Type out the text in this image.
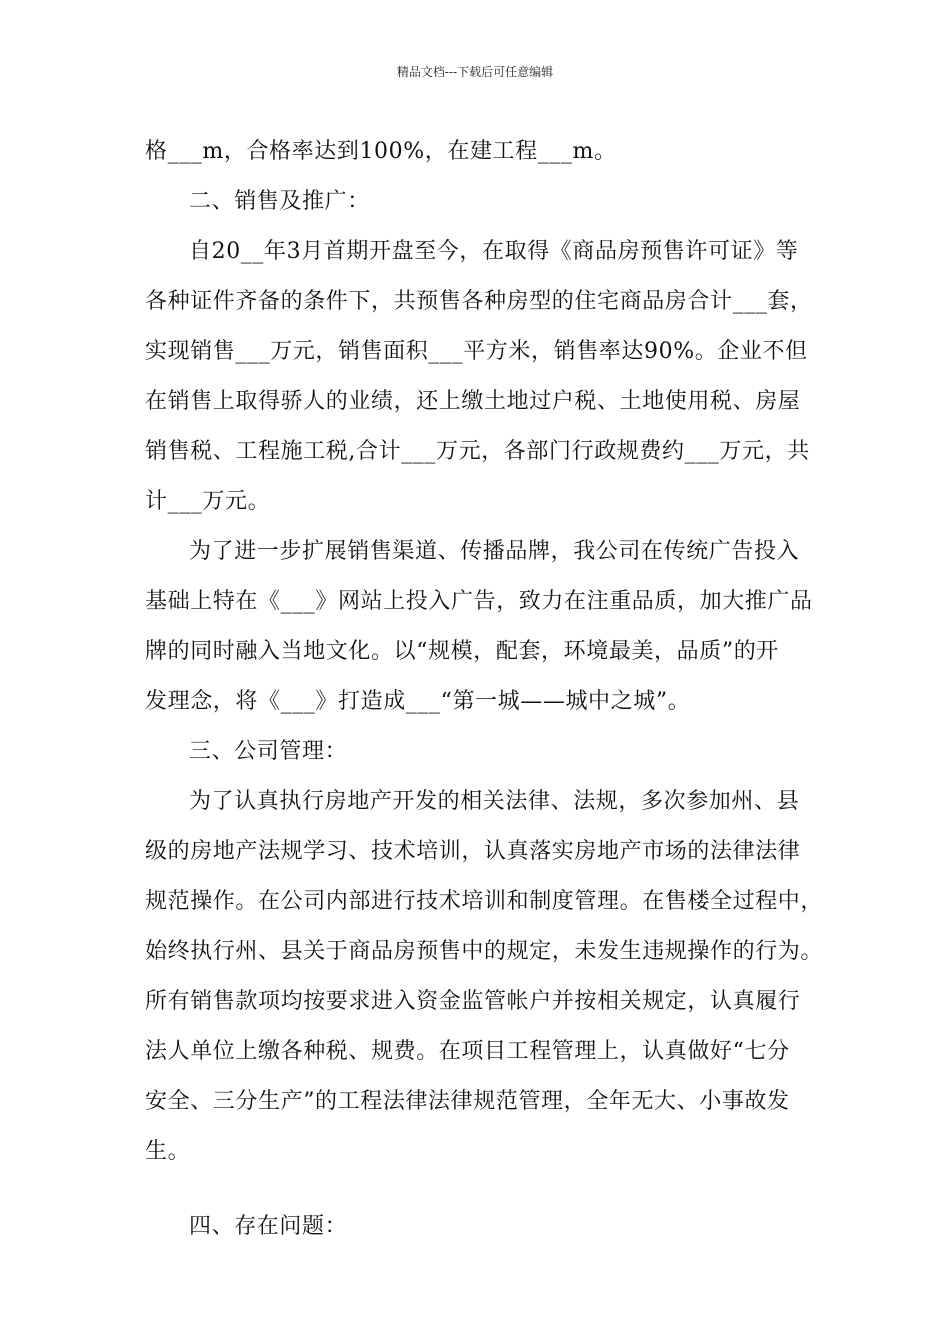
精品文档---下载后可任意编辑

格___m，合格率达到100%，在建工程___m。

二、销售及推广：

自20__年3月首期开盘至今，在取得《商品房预售许可证》等

各种证件齐备的条件下，共预售各种房型的住宅商品房合计___套，

实现销售___万元，销售面积___平方米，销售率达90%。企业不但

在销售上取得骄人的业绩，还上缴土地过户税、土地使用税、房屋

销售税、工程施工税,合计___万元，各部门行政规费约___万元，共

计___万元。

为了进一步扩展销售渠道、传播品牌，我公司在传统广告投入

基础上特在《___》网站上投入广告，致力在注重品质，加大推广品

牌的同时融入当地文化。以“规模，配套，环境最美，品质”的开

发理念，将《___》打造成___“第一城——城中之城”。

三、公司管理：

为了认真执行房地产开发的相关法律、法规，多次参加州、县

级的房地产法规学习、技术培训，认真落实房地产市场的法律法律

规范操作。在公司内部进行技术培训和制度管理。在售楼全过程中，

始终执行州、县关于商品房预售中的规定，未发生违规操作的行为。

所有销售款项均按要求进入资金监管帐户并按相关规定，认真履行

法人单位上缴各种税、规费。在项目工程管理上，认真做好“七分

安全、三分生产”的工程法律法律规范管理，全年无大、小事故发

生。

四、存在问题：
